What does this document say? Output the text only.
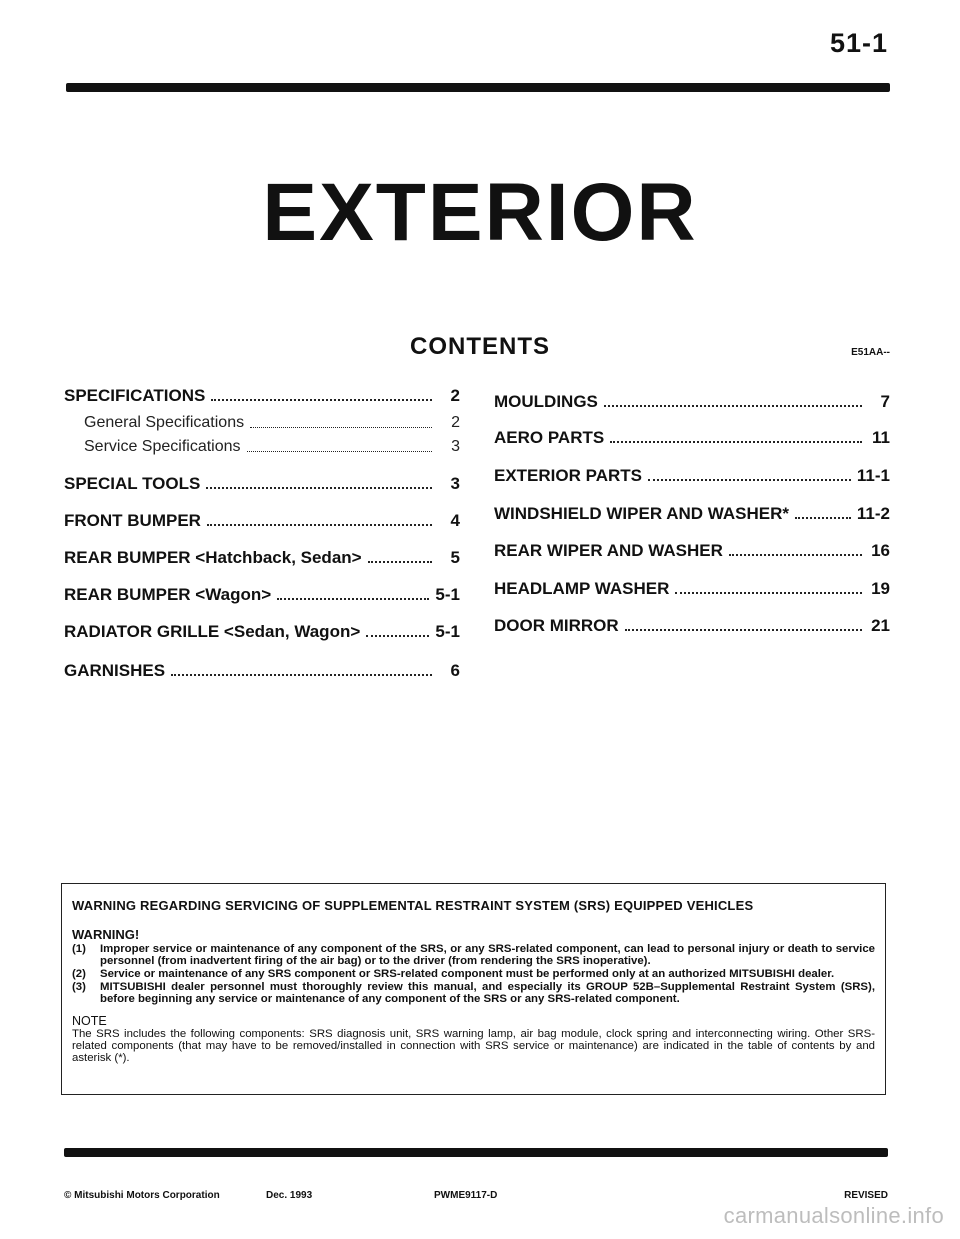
51-1
EXTERIOR
CONTENTS	E51AA--
SPECIFICATIONS	2
General Specifications	2
Service Specifications	3
SPECIAL TOOLS	3
FRONT BUMPER	4
REAR BUMPER <Hatchback, Sedan>	5
REAR BUMPER <Wagon>	5-1
RADIATOR GRILLE <Sedan, Wagon>	5-1
GARNISHES	6
MOULDINGS	7
AERO PARTS	11
EXTERIOR PARTS	11-1
WINDSHIELD WIPER AND WASHER*	11-2
REAR WIPER AND WASHER	16
HEADLAMP WASHER	19
DOOR MIRROR	21
WARNING REGARDING SERVICING OF SUPPLEMENTAL RESTRAINT SYSTEM (SRS) EQUIPPED VEHICLES
WARNING!
(1)	Improper service or maintenance of any component of the SRS, or any SRS-related component, can lead to personal injury or death to service personnel (from inadvertent firing of the air bag) or to the driver (from rendering the SRS inoperative).
(2)	Service or maintenance of any SRS component or SRS-related component must be performed only at an authorized MITSUBISHI dealer.
(3)	MITSUBISHI dealer personnel must thoroughly review this manual, and especially its GROUP 52B–Supplemental Restraint System (SRS), before beginning any service or maintenance of any component of the SRS or any SRS-related component.
NOTE
The SRS includes the following components: SRS diagnosis unit, SRS warning lamp, air bag module, clock spring and interconnecting wiring. Other SRS-related components (that may have to be removed/installed in connection with SRS service or maintenance) are indicated in the table of contents by and asterisk (*).
© Mitsubishi Motors Corporation	Dec. 1993	PWME9117-D	REVISED
carmanualsonline.info
